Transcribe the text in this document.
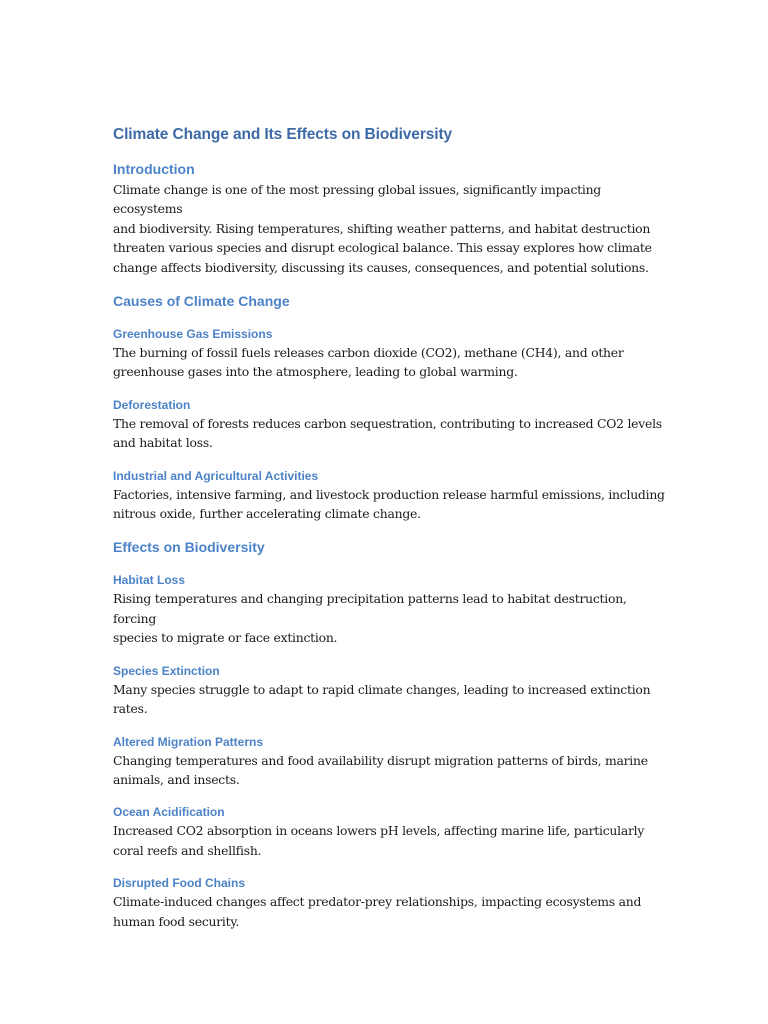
Climate Change and Its Effects on Biodiversity
Introduction

Climate change is one of the most pressing global issues, significantly impacting ecosystems
and biodiversity. Rising temperatures, shifting weather patterns, and habitat destruction
threaten various species and disrupt ecological balance. This essay explores how climate
change affects biodiversity, discussing its causes, consequences, and potential solutions.

Causes of Climate Change
Greenhouse Gas Emissions

The burning of fossil fuels releases carbon dioxide (CO2), methane (CH4), and other
greenhouse gases into the atmosphere, leading to global warming.

Deforestation

The removal of forests reduces carbon sequestration, contributing to increased CO2 levels
and habitat loss.

Industrial and Agricultural Activities

Factories, intensive farming, and livestock production release harmful emissions, including
nitrous oxide, further accelerating climate change.

Effects on Biodiversity
Habitat Loss

Rising temperatures and changing precipitation patterns lead to habitat destruction, forcing
species to migrate or face extinction.

Species Extinction

Many species struggle to adapt to rapid climate changes, leading to increased extinction
rates.

Altered Migration Patterns

Changing temperatures and food availability disrupt migration patterns of birds, marine
animals, and insects.

Ocean Acidification

Increased CO2 absorption in oceans lowers pH levels, affecting marine life, particularly
coral reefs and shellfish.

Disrupted Food Chains

Climate-induced changes affect predator-prey relationships, impacting ecosystems and
human food security.
